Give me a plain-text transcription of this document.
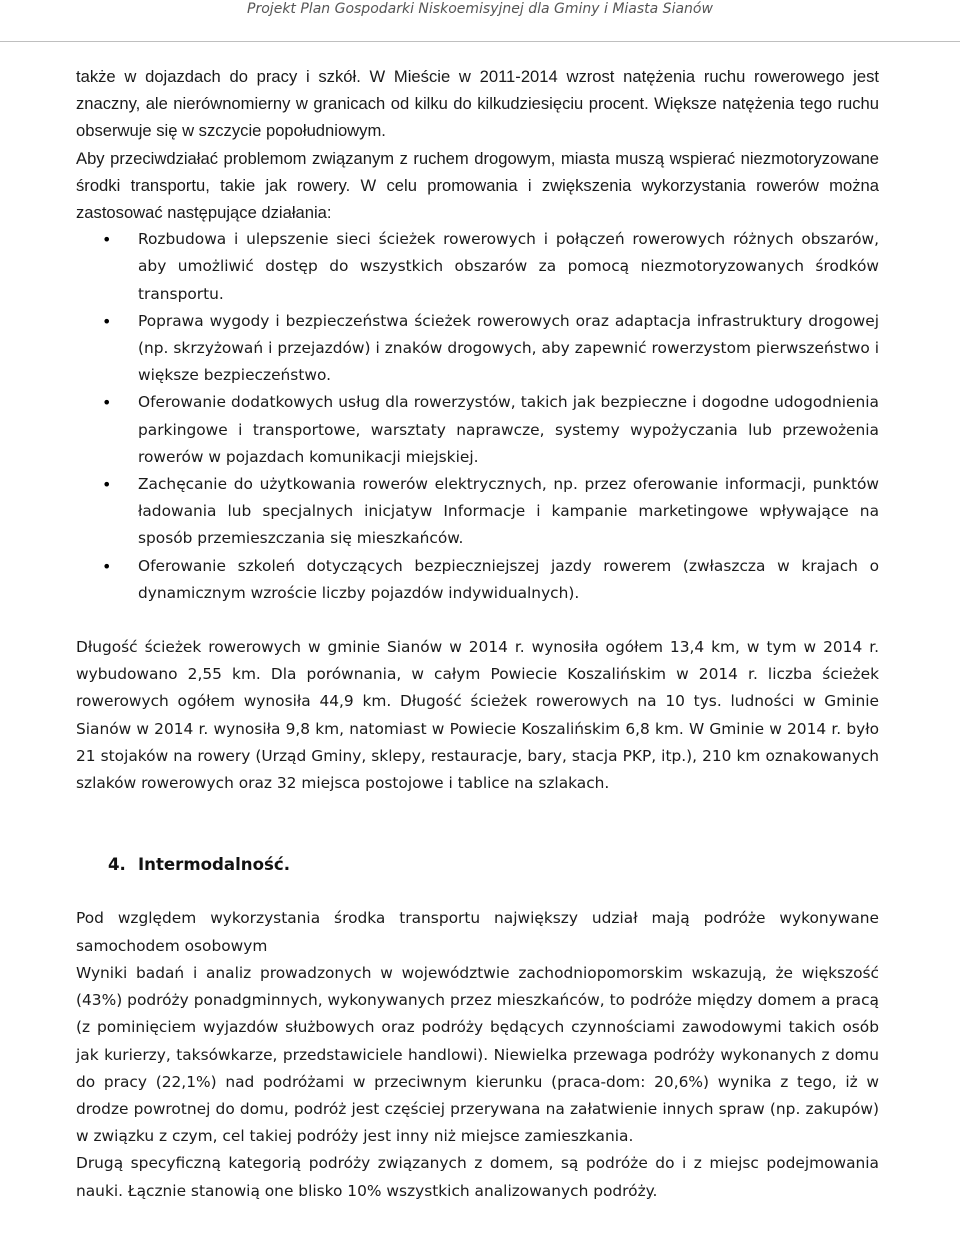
Projekt Plan Gospodarki Niskoemisyjnej dla Gminy i Miasta Sianów

także w dojazdach do pracy i szkół. W Mieście w 2011-2014 wzrost natężenia ruchu rowerowego jest znaczny, ale nierównomierny w granicach od kilku do kilkudziesięciu procent. Większe natężenia tego ruchu obserwuje się w szczycie popołudniowym.

Aby przeciwdziałać problemom związanym z ruchem drogowym, miasta muszą wspierać niezmotoryzowane środki transportu, takie jak rowery. W celu promowania i zwiększenia wykorzystania rowerów można zastosować następujące działania:

• Rozbudowa i ulepszenie sieci ścieżek rowerowych i połączeń rowerowych różnych obszarów, aby umożliwić dostęp do wszystkich obszarów za pomocą niezmotoryzowanych środków transportu.
• Poprawa wygody i bezpieczeństwa ścieżek rowerowych oraz adaptacja infrastruktury drogowej (np. skrzyżowań i przejazdów) i znaków drogowych, aby zapewnić rowerzystom pierwszeństwo i większe bezpieczeństwo.
• Oferowanie dodatkowych usług dla rowerzystów, takich jak bezpieczne i dogodne udogodnienia parkingowe i transportowe, warsztaty naprawcze, systemy wypożyczania lub przewożenia rowerów w pojazdach komunikacji miejskiej.
• Zachęcanie do użytkowania rowerów elektrycznych, np. przez oferowanie informacji, punktów ładowania lub specjalnych inicjatyw Informacje i kampanie marketingowe wpływające na sposób przemieszczania się mieszkańców.
• Oferowanie szkoleń dotyczących bezpieczniejszej jazdy rowerem (zwłaszcza w krajach o dynamicznym wzroście liczby pojazdów indywidualnych).

Długość ścieżek rowerowych w gminie Sianów w 2014 r. wynosiła ogółem 13,4 km, w tym w 2014 r. wybudowano 2,55 km. Dla porównania, w całym Powiecie Koszalińskim w 2014 r. liczba ścieżek rowerowych ogółem wynosiła 44,9 km. Długość ścieżek rowerowych na 10 tys. ludności w Gminie Sianów w 2014 r. wynosiła 9,8 km, natomiast w Powiecie Koszalińskim 6,8 km. W Gminie w 2014 r. było 21 stojaków na rowery (Urząd Gminy, sklepy, restauracje, bary, stacja PKP, itp.), 210 km oznakowanych szlaków rowerowych oraz 32 miejsca postojowe i tablice na szlakach.

4. Intermodalność.

Pod względem wykorzystania środka transportu największy udział mają podróże wykonywane samochodem osobowym

Wyniki badań i analiz prowadzonych w województwie zachodniopomorskim wskazują, że większość (43%) podróży ponadgminnych, wykonywanych przez mieszkańców, to podróże między domem a pracą (z pominięciem wyjazdów służbowych oraz podróży będących czynnościami zawodowymi takich osób jak kurierzy, taksówkarze, przedstawiciele handlowi). Niewielka przewaga podróży wykonanych z domu do pracy (22,1%) nad podróżami w przeciwnym kierunku (praca-dom: 20,6%) wynika z tego, iż w drodze powrotnej do domu, podróż jest częściej przerywana na załatwienie innych spraw (np. zakupów) w związku z czym, cel takiej podróży jest inny niż miejsce zamieszkania.

Drugą specyficzną kategorią podróży związanych z domem, są podróże do i z miejsc podejmowania nauki. Łącznie stanowią one blisko 10% wszystkich analizowanych podróży.
